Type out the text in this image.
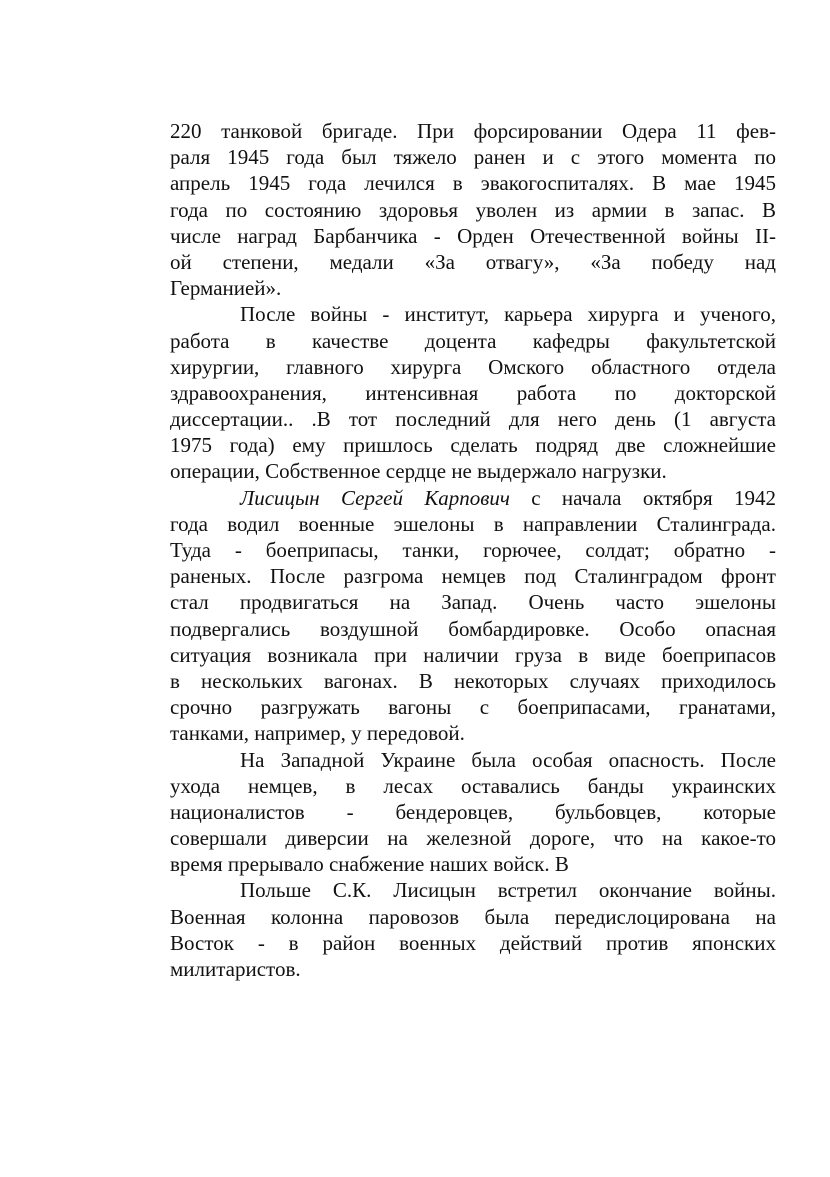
220 танковой бригаде. При форсировании Одера 11 фев-
раля 1945 года был тяжело ранен и с этого момента по
апрель 1945 года лечился в эвакогоспиталях. В мае 1945
года по состоянию здоровья уволен из армии в запас. В
числе наград Барбанчика - Орден Отечественной войны II-
ой степени, медали «За отвагу», «За победу над
Германией».
После войны - институт, карьера хирурга и ученого,
работа в качестве доцента кафедры факультетской
хирургии, главного хирурга Омского областного отдела
здравоохранения, интенсивная работа по докторской
диссертации.. .В тот последний для него день (1 августа
1975 года) ему пришлось сделать подряд две сложнейшие
операции, Собственное сердце не выдержало нагрузки.
Лисицын Сергей Карпович с начала октября 1942
года водил военные эшелоны в направлении Сталинграда.
Туда - боеприпасы, танки, горючее, солдат; обратно -
раненых. После разгрома немцев под Сталинградом фронт
стал продвигаться на Запад. Очень часто эшелоны
подвергались воздушной бомбардировке. Особо опасная
ситуация возникала при наличии груза в виде боеприпасов
в нескольких вагонах. В некоторых случаях приходилось
срочно разгружать вагоны с боеприпасами, гранатами,
танками, например, у передовой.
На Западной Украине была особая опасность. После
ухода немцев, в лесах оставались банды украинских
националистов - бендеровцев, бульбовцев, которые
совершали диверсии на железной дороге, что на какое-то
время прерывало снабжение наших войск. В
Польше С.К. Лисицын встретил окончание войны.
Военная колонна паровозов была передислоцирована на
Восток - в район военных действий против японских
милитаристов.
